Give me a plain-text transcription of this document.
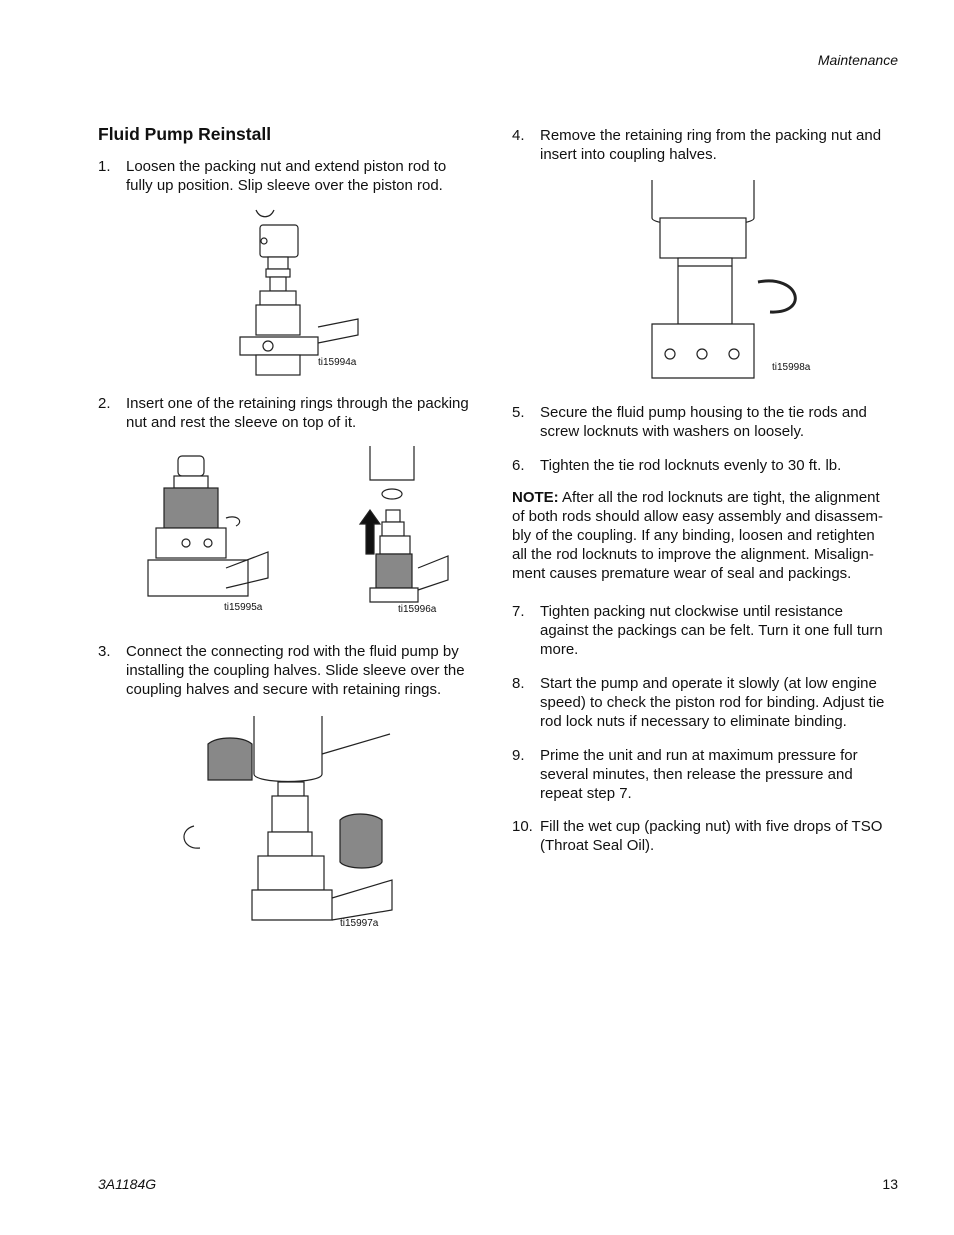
Maintenance
Fluid Pump Reinstall
1. Loosen the packing nut and extend piston rod to
fully up position. Slip sleeve over the piston rod.
2. Insert one of the retaining rings through the packing
nut and rest the sleeve on top of it.
3. Connect the connecting rod with the fluid pump by
installing the coupling halves. Slide sleeve over the
coupling halves and secure with retaining rings.
4. Remove the retaining ring from the packing nut and
insert into coupling halves.
5. Secure the fluid pump housing to the tie rods and
screw locknuts with washers on loosely.
6. Tighten the tie rod locknuts evenly to 30 ft. lb.
NOTE: After all the rod locknuts are tight, the alignment
of both rods should allow easy assembly and disassem-
bly of the coupling. If any binding, loosen and retighten
all the rod locknuts to improve the alignment. Misalign-
ment causes premature wear of seal and packings.
7. Tighten packing nut clockwise until resistance
against the packings can be felt. Turn it one full turn
more.
8. Start the pump and operate it slowly (at low engine
speed) to check the piston rod for binding. Adjust tie
rod lock nuts if necessary to eliminate binding.
9. Prime the unit and run at maximum pressure for
several minutes, then release the pressure and
repeat step 7.
10. Fill the wet cup (packing nut) with five drops of TSO
(Throat Seal Oil).
ti15994a
ti15995a	ti15996a
ti15997a
ti15998a
3A1184G	13
